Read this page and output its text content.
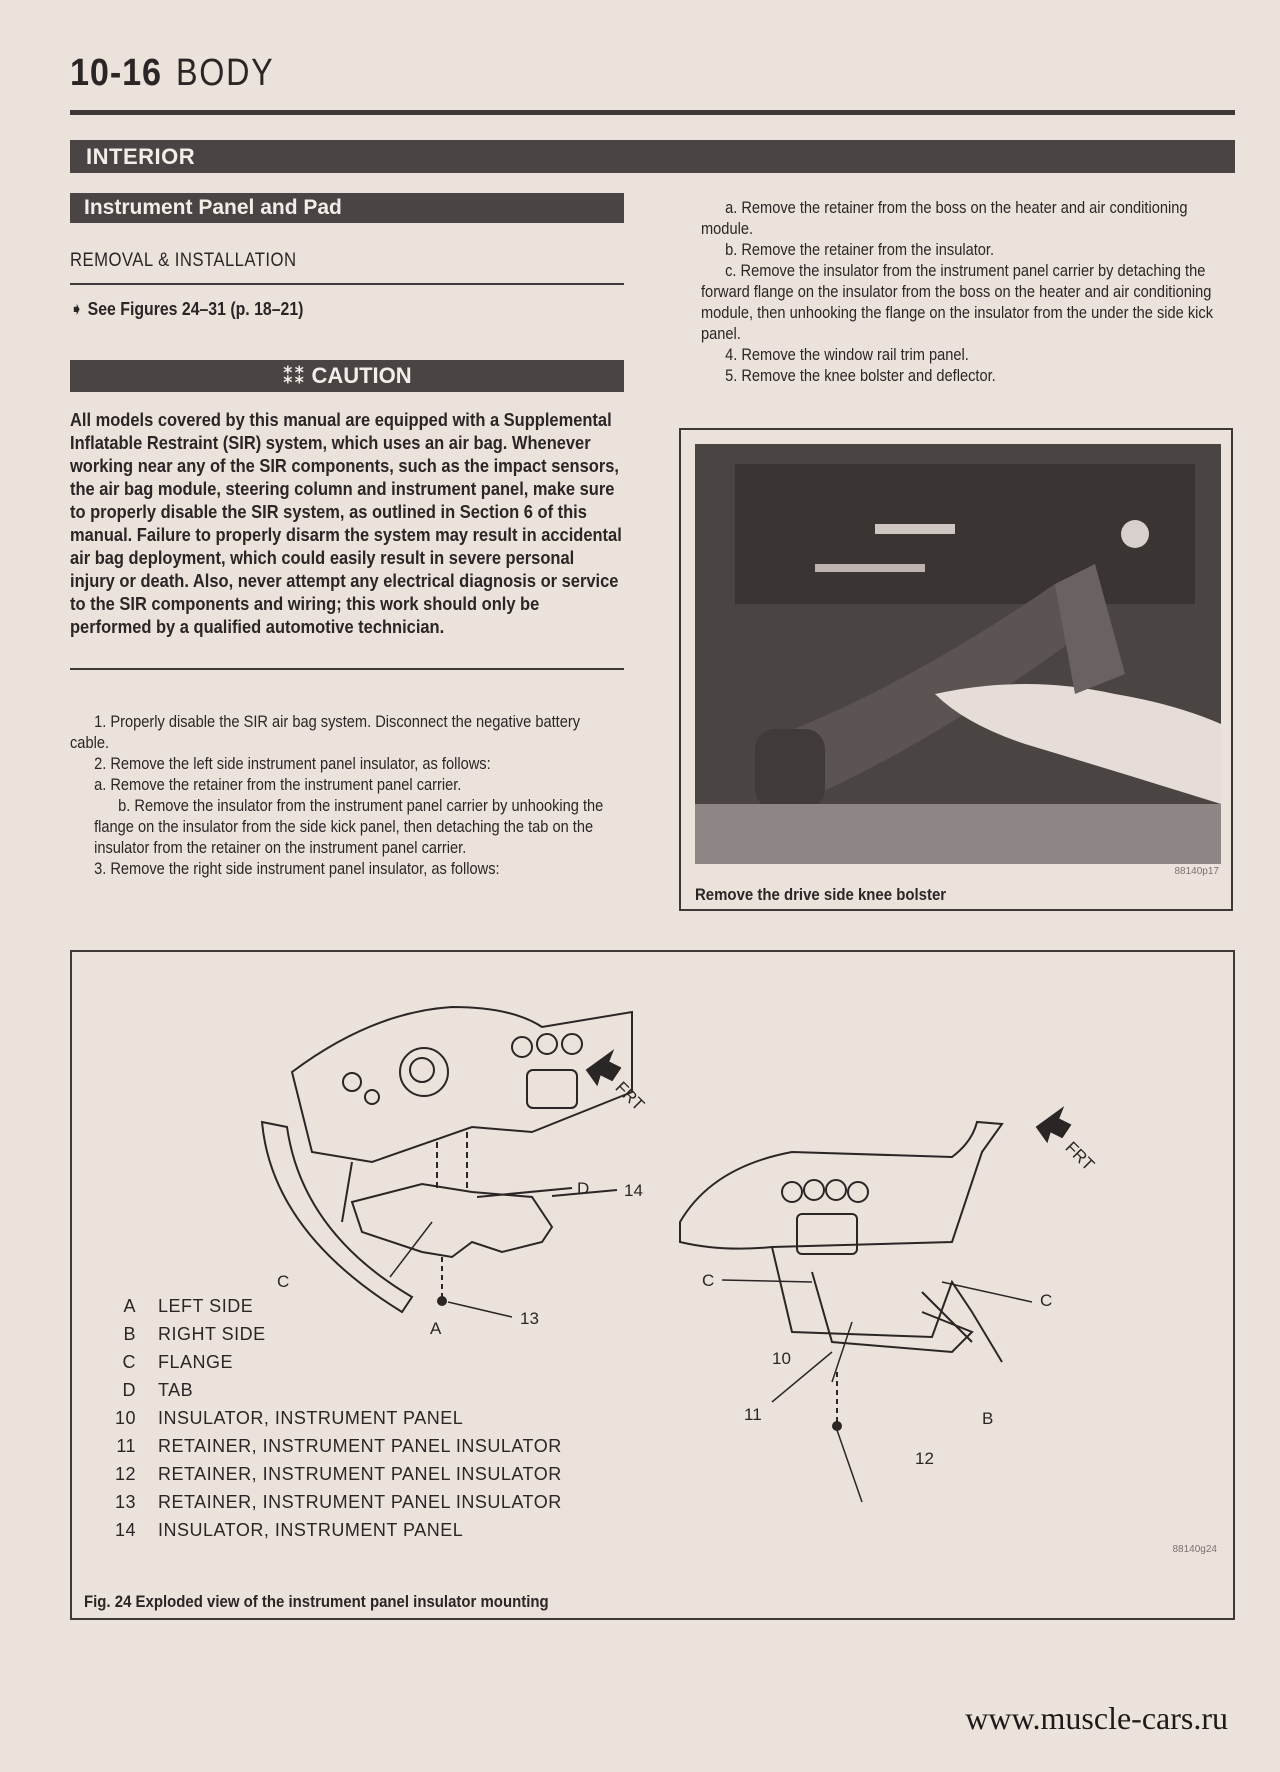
10-16 BODY
INTERIOR
Instrument Panel and Pad
REMOVAL & INSTALLATION
➧ See Figures 24–31 (p. 18–21)
⁑⁑ CAUTION

All models covered by this manual are equipped with a Supplemental Inflatable Restraint (SIR) system, which uses an air bag. Whenever working near any of the SIR components, such as the impact sensors, the air bag module, steering column and instrument panel, make sure to properly disable the SIR system, as outlined in Section 6 of this manual. Failure to properly disarm the system may result in accidental air bag deployment, which could easily result in severe personal injury or death. Also, never attempt any electrical diagnosis or service to the SIR components and wiring; this work should only be performed by a qualified automotive technician.

1. Properly disable the SIR air bag system. Disconnect the negative battery cable.

2. Remove the left side instrument panel insulator, as follows:

a. Remove the retainer from the instrument panel carrier.

b. Remove the insulator from the instrument panel carrier by unhooking the flange on the insulator from the side kick panel, then detaching the tab on the insulator from the retainer on the instrument panel carrier.

3. Remove the right side instrument panel insulator, as follows:

a. Remove the retainer from the boss on the heater and air conditioning module.

b. Remove the retainer from the insulator.

c. Remove the insulator from the instrument panel carrier by detaching the forward flange on the insulator from the boss on the heater and air conditioning module, then unhooking the flange on the insulator from the under the side kick panel.

4. Remove the window rail trim panel.

5. Remove the knee bolster and deflector.

88140p17
Remove the drive side knee bolster
D 14
C
13
A
FRT
C
C
10
11
12
B
FRT
A	LEFT SIDE
B	RIGHT SIDE
C	FLANGE
D	TAB
10	INSULATOR, INSTRUMENT PANEL
11	RETAINER, INSTRUMENT PANEL INSULATOR
12	RETAINER, INSTRUMENT PANEL INSULATOR
13	RETAINER, INSTRUMENT PANEL INSULATOR
14	INSULATOR, INSTRUMENT PANEL
88140g24
Fig. 24 Exploded view of the instrument panel insulator mounting
www.muscle-cars.ru
